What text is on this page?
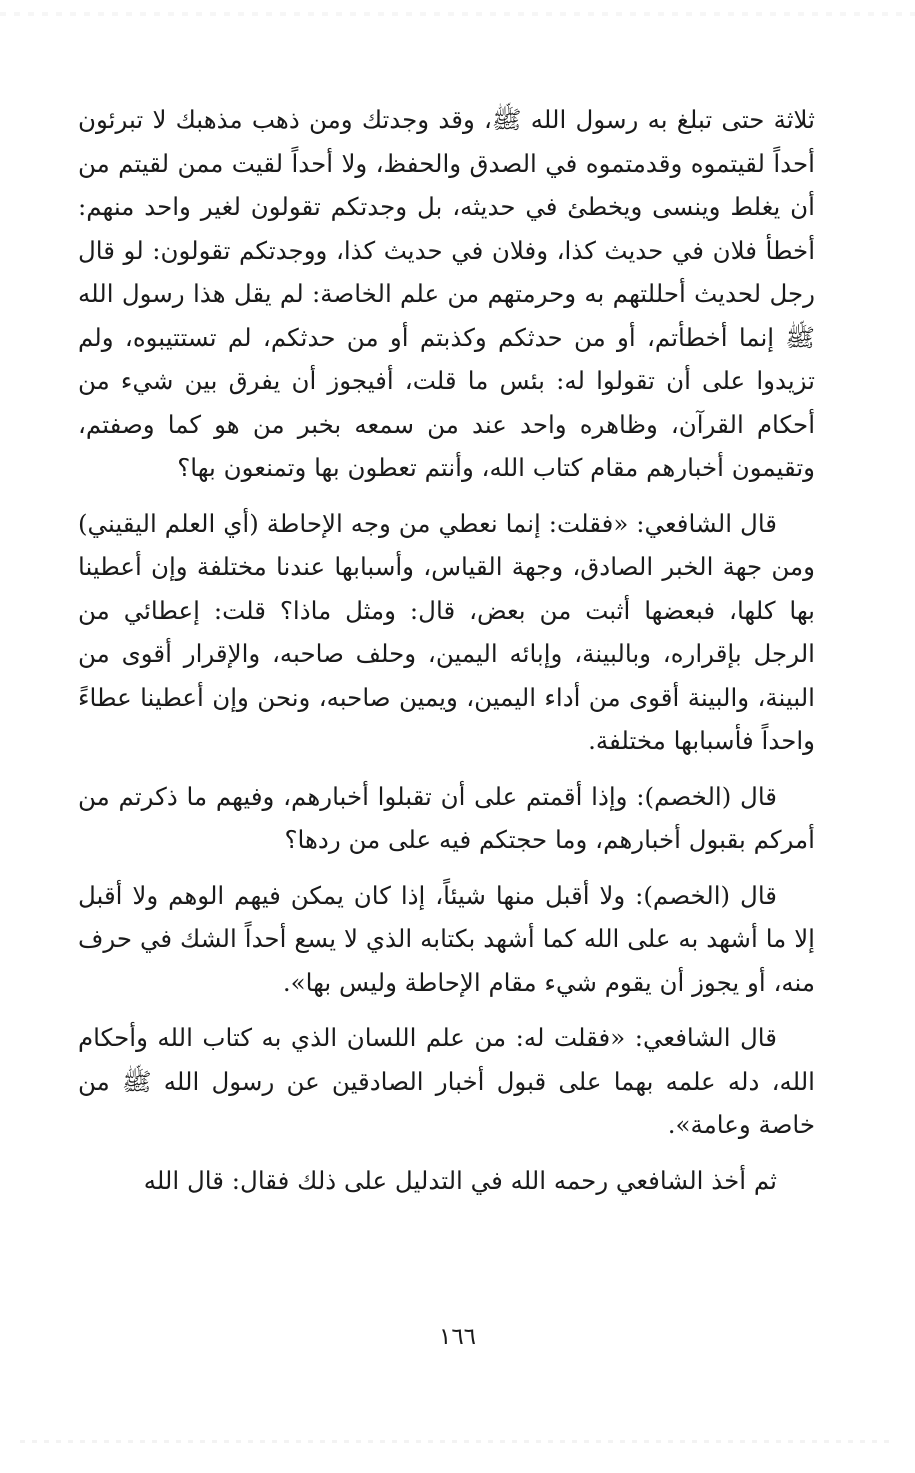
ثلاثة حتى تبلغ به رسول الله ﷺ، وقد وجدتك ومن ذهب مذهبك لا تبرئون أحداً لقيتموه وقدمتموه في الصدق والحفظ، ولا أحداً لقيت ممن لقيتم من أن يغلط وينسى ويخطئ في حديثه، بل وجدتكم تقولون لغير واحد منهم: أخطأ فلان في حديث كذا، وفلان في حديث كذا، ووجدتكم تقولون: لو قال رجل لحديث أحللتهم به وحرمتهم من علم الخاصة: لم يقل هذا رسول الله ﷺ إنما أخطأتم، أو من حدثكم وكذبتم أو من حدثكم، لم تستتيبوه، ولم تزيدوا على أن تقولوا له: بئس ما قلت، أفيجوز أن يفرق بين شيء من أحكام القرآن، وظاهره واحد عند من سمعه بخبر من هو كما وصفتم، وتقيمون أخبارهم مقام كتاب الله، وأنتم تعطون بها وتمنعون بها؟

قال الشافعي: «فقلت: إنما نعطي من وجه الإحاطة (أي العلم اليقيني) ومن جهة الخبر الصادق، وجهة القياس، وأسبابها عندنا مختلفة وإن أعطينا بها كلها، فبعضها أثبت من بعض، قال: ومثل ماذا؟ قلت: إعطائي من الرجل بإقراره، وبالبينة، وإبائه اليمين، وحلف صاحبه، والإقرار أقوى من البينة، والبينة أقوى من أداء اليمين، ويمين صاحبه، ونحن وإن أعطينا عطاءً واحداً فأسبابها مختلفة.

قال (الخصم): وإذا أقمتم على أن تقبلوا أخبارهم، وفيهم ما ذكرتم من أمركم بقبول أخبارهم، وما حجتكم فيه على من ردها؟

قال (الخصم): ولا أقبل منها شيئاً، إذا كان يمكن فيهم الوهم ولا أقبل إلا ما أشهد به على الله كما أشهد بكتابه الذي لا يسع أحداً الشك في حرف منه، أو يجوز أن يقوم شيء مقام الإحاطة وليس بها».

قال الشافعي: «فقلت له: من علم اللسان الذي به كتاب الله وأحكام الله، دله علمه بهما على قبول أخبار الصادقين عن رسول الله ﷺ من خاصة وعامة».

ثم أخذ الشافعي رحمه الله في التدليل على ذلك فقال: قال الله

١٦٦
